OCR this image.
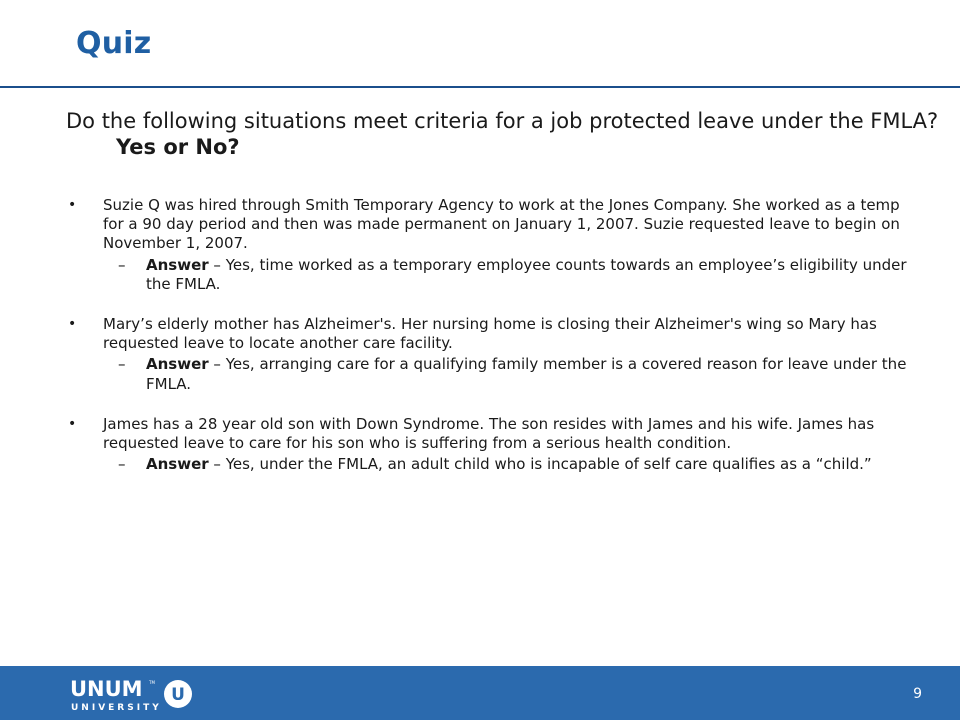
Quiz
Do the following situations meet criteria for a job protected leave under the FMLA?Yes or No?
• Suzie Q was hired through Smith Temporary Agency to work at the Jones Company. She worked as a temp for a 90 day period and then was made permanent on January 1, 2007. Suzie requested leave to begin on November 1, 2007.
– Answer – Yes, time worked as a temporary employee counts towards an employee’s eligibility under the FMLA.
• Mary’s elderly mother has Alzheimer's. Her nursing home is closing their Alzheimer's wing so Mary has requested leave to locate another care facility.
– Answer – Yes, arranging care for a qualifying family member is a covered reason for leave under the FMLA.
• James has a 28 year old son with Down Syndrome. The son resides with James and his wife. James has requested leave to care for his son who is suffering from a serious health condition.
– Answer – Yes, under the FMLA, an adult child who is incapable of self care qualifies as a “child.”
UNUM TM
UNIVERSITY
U	9
